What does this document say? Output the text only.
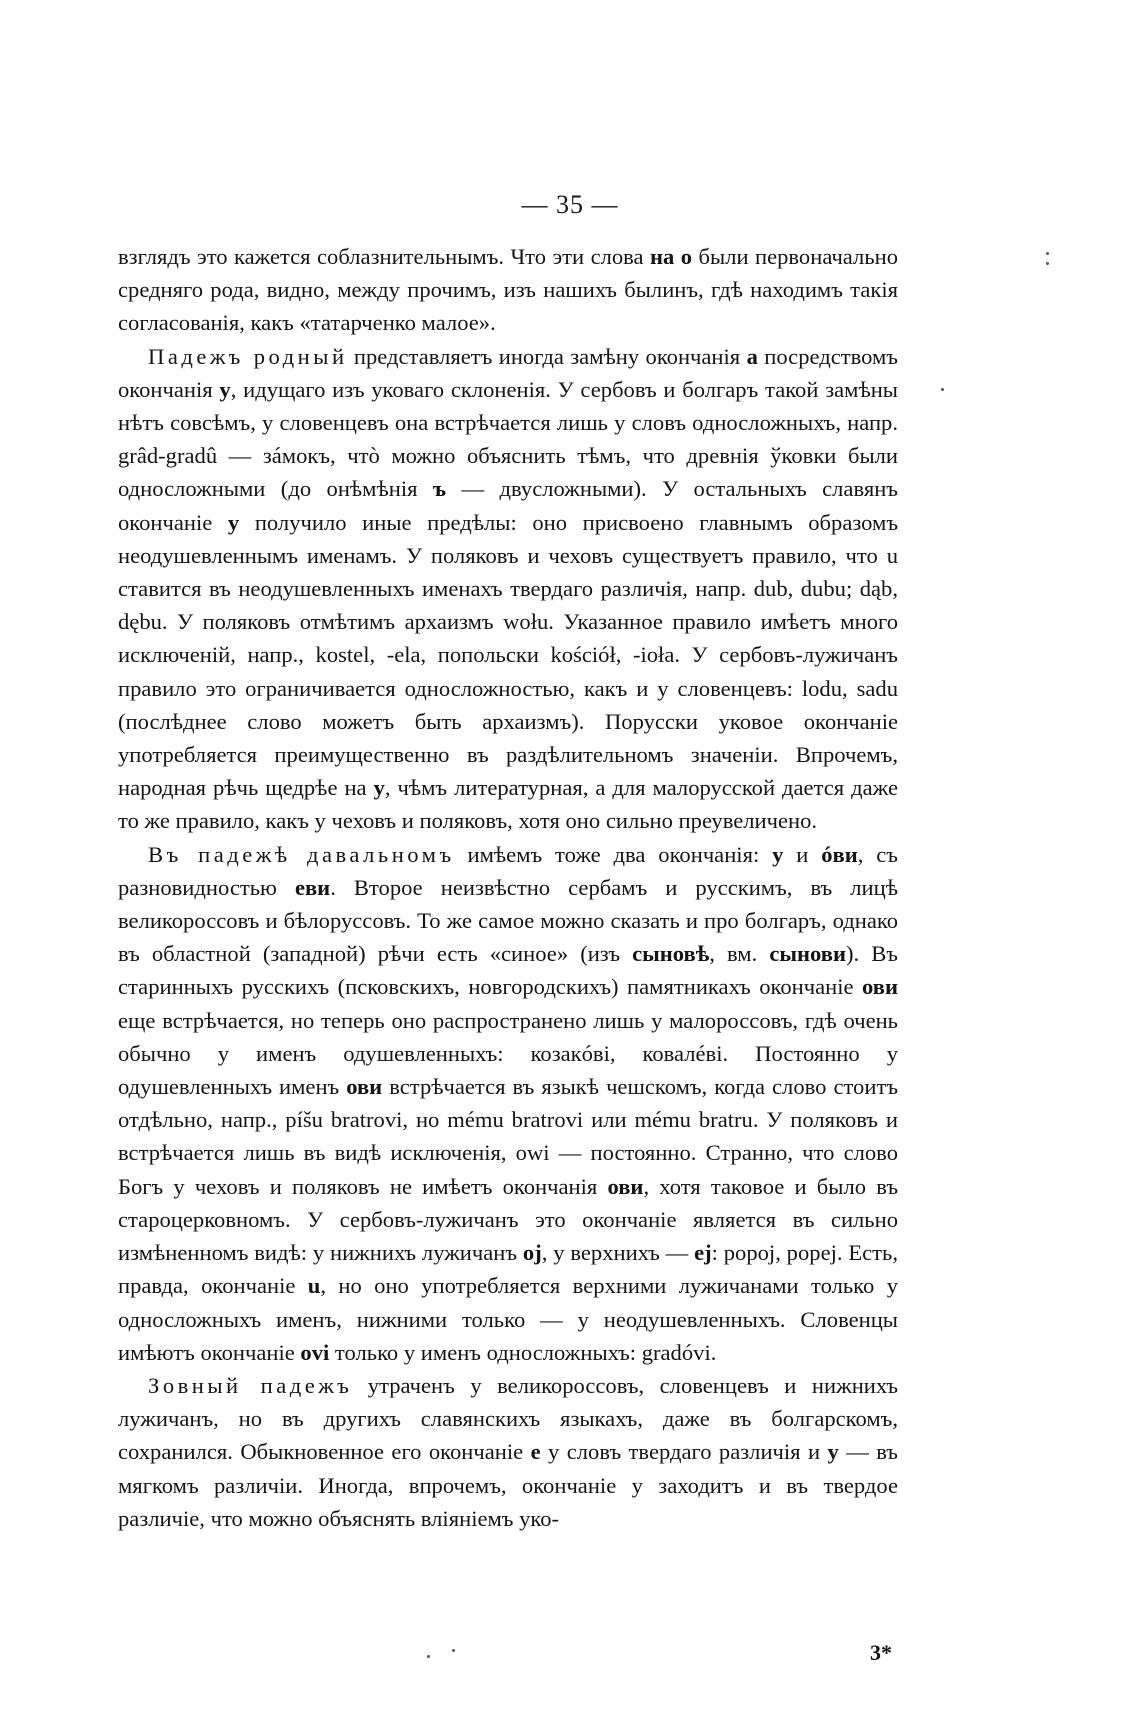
— 35 —

взглядъ это кажется соблазнительнымъ. Что эти слова на о были первоначально средняго рода, видно, между прочимъ, изъ нашихъ былинъ, гдѣ находимъ такія согласованія, какъ «татарченко малое».

Падежъ родный представляетъ иногда замѣну окончанія а посредствомъ окончанія у, идущаго изъ уковаго склоненія. У сербовъ и болгаръ такой замѣны нѣтъ совсѣмъ, у словенцевъ она встрѣчается лишь у словъ односложныхъ, напр. grâd-gradû — зáмокъ, чтò можно объяснить тѣмъ, что древнія ўковки были односложными (до онѣмѣнія ъ — двусложными). У остальныхъ славянъ окончаніе у получило иные предѣлы: оно присвоено главнымъ образомъ неодушевленнымъ именамъ. У поляковъ и чеховъ существуетъ правило, что u ставится въ неодушевленныхъ именахъ твердаго различія, напр. dub, dubu; dąb, dębu. У поляковъ отмѣтимъ архаизмъ wołu. Указанное правило имѣетъ много исключеній, напр., kostel, -ela, попольски kościół, -ioła. У сербовъ-лужичанъ правило это ограничивается односложностью, какъ и у словенцевъ: lodu, sadu (послѣднее слово можетъ быть архаизмъ). Порусски уковое окончаніе употребляется преимущественно въ раздѣлительномъ значеніи. Впрочемъ, народная рѣчь щедрѣе на у, чѣмъ литературная, а для малорусской дается даже то же правило, какъ у чеховъ и поляковъ, хотя оно сильно преувеличено.

Въ падежѣ давальномъ имѣемъ тоже два окончанія: у и óви, съ разновидностью еви. Второе неизвѣстно сербамъ и русскимъ, въ лицѣ великороссовъ и бѣлоруссовъ. То же самое можно сказать и про болгаръ, однако въ областной (западной) рѣчи есть «синое» (изъ сыновѣ, вм. сынови). Въ старинныхъ русскихъ (псковскихъ, новгородскихъ) памятникахъ окончаніе ови еще встрѣчается, но теперь оно распространено лишь у малороссовъ, гдѣ очень обычно у именъ одушевленныхъ: козакóві, ковалéві. Постоянно у одушевленныхъ именъ ови встрѣчается въ языкѣ чешскомъ, когда слово стоитъ отдѣльно, напр., píšu bratrovi, но mému bratrovi или mému bratru. У поляковъ и встрѣчается лишь въ видѣ исключенія, owi — постоянно. Странно, что слово Богъ у чеховъ и поляковъ не имѣетъ окончанія ови, хотя таковое и было въ староцерковномъ. У сербовъ-лужичанъ это окончаніе является въ сильно измѣненномъ видѣ: у нижнихъ лужичанъ oj, у верхнихъ — ej: popoj, popej. Есть, правда, окончаніе u, но оно употребляется верхними лужичанами только у односложныхъ именъ, нижними только — у неодушевленныхъ. Словенцы имѣютъ окончаніе ovi только у именъ односложныхъ: gradóvi.

Зовный падежъ утраченъ у великороссовъ, словенцевъ и нижнихъ лужичанъ, но въ другихъ славянскихъ языкахъ, даже въ болгарскомъ, сохранился. Обыкновенное его окончаніе е у словъ твердаго различія и у — въ мягкомъ различіи. Иногда, впрочемъ, окончаніе у заходитъ и въ твердое различіе, что можно объяснять вліяніемъ уко-

3*
